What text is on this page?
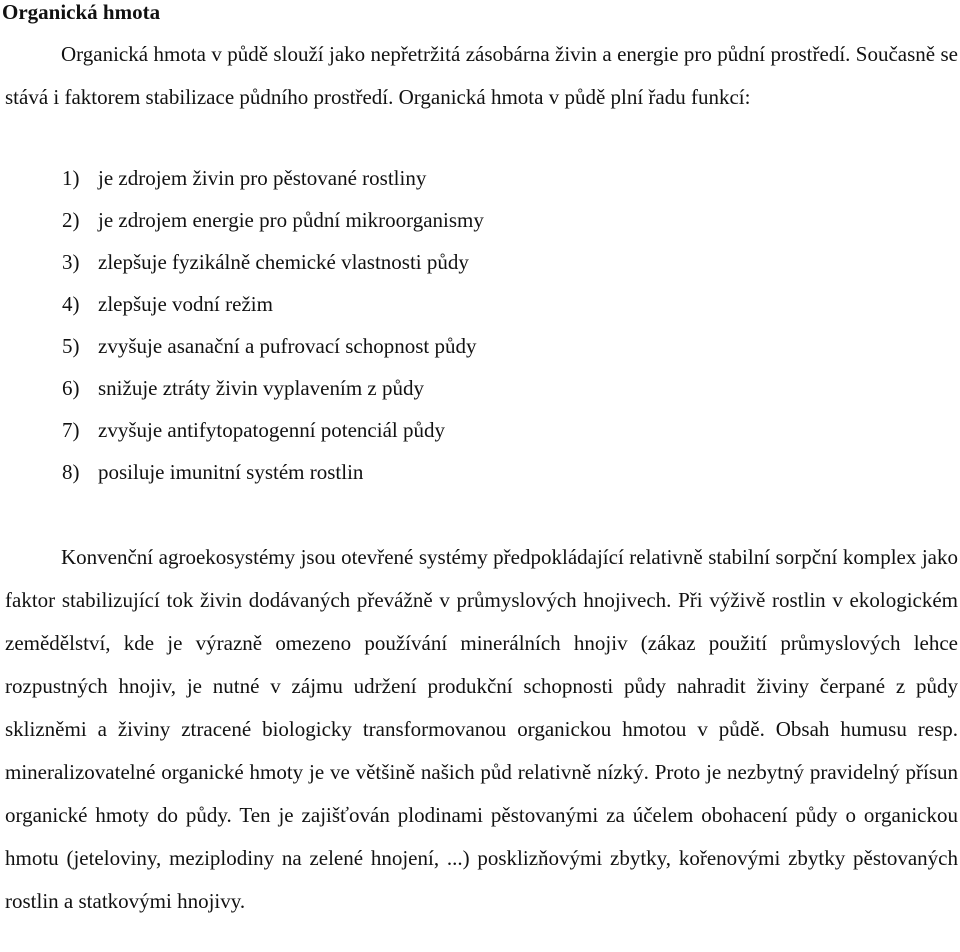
Organická hmota

Organická hmota v půdě slouží jako nepřetržitá zásobárna živin a energie pro půdní prostředí. Současně se stává i faktorem stabilizace půdního prostředí. Organická hmota v půdě plní řadu funkcí:

1) je zdrojem živin pro pěstované rostliny
2) je zdrojem energie pro půdní mikroorganismy
3) zlepšuje fyzikálně chemické vlastnosti půdy
4) zlepšuje vodní režim
5) zvyšuje asanační a pufrovací schopnost půdy
6) snižuje ztráty živin vyplavením z půdy
7) zvyšuje antifytopatogenní potenciál půdy
8) posiluje imunitní systém rostlin

Konvenční agroekosystémy jsou otevřené systémy předpokládající relativně stabilní sorpční komplex jako faktor stabilizující tok živin dodávaných převážně v průmyslových hnojivech. Při výživě rostlin v ekologickém zemědělství, kde je výrazně omezeno používání minerálních hnojiv (zákaz použití průmyslových lehce rozpustných hnojiv, je nutné v zájmu udržení produkční schopnosti půdy nahradit živiny čerpané z půdy sklizněmi a živiny ztracené biologicky transformovanou organickou hmotou v půdě. Obsah humusu resp. mineralizovatelné organické hmoty je ve většině našich půd relativně nízký. Proto je nezbytný pravidelný přísun organické hmoty do půdy. Ten je zajišťován plodinami pěstovanými za účelem obohacení půdy o organickou hmotu (jeteloviny, meziplodiny na zelené hnojení, ...) posklizňovými zbytky, kořenovými zbytky pěstovaných rostlin a statkovými hnojivy.
